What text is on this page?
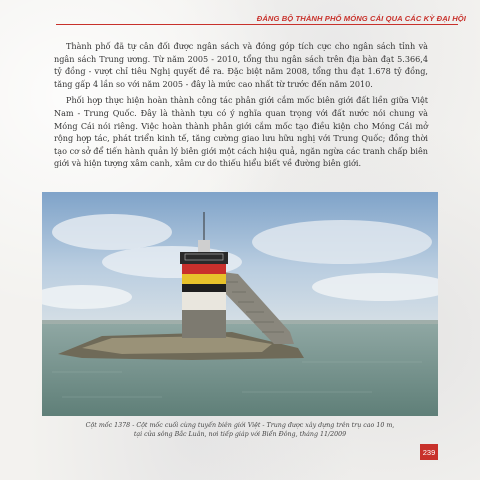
ĐẢNG BỘ THÀNH PHỐ MÓNG CÁI QUA CÁC KỲ ĐẠI HỘI

Thành phố đã tự cân đối được ngân sách và đóng góp tích cực cho ngân sách tỉnh và ngân sách Trung ương. Từ năm 2005 - 2010, tổng thu ngân sách trên địa bàn đạt 5.366,4 tỷ đồng - vượt chỉ tiêu Nghị quyết đề ra. Đặc biệt năm 2008, tổng thu đạt 1.678 tỷ đồng, tăng gấp 4 lần so với năm 2005 - đây là mức cao nhất từ trước đến năm 2010.

Phối hợp thực hiện hoàn thành công tác phân giới cắm mốc biên giới đất liền giữa Việt Nam - Trung Quốc. Đây là thành tựu có ý nghĩa quan trọng với đất nước nói chung và Móng Cái nói riêng. Việc hoàn thành phân giới cắm mốc tạo điều kiện cho Móng Cái mở rộng hợp tác, phát triển kinh tế, tăng cường giao lưu hữu nghị với Trung Quốc; đồng thời tạo cơ sở để tiến hành quản lý biên giới một cách hiệu quả, ngăn ngừa các tranh chấp biên giới và hiện tượng xâm canh, xâm cư do thiếu hiểu biết về đường biên giới.

Cột mốc 1378 - Cột mốc cuối cùng tuyến biên giới Việt - Trung được xây dựng trên trụ cao 10 m,
tại cửa sông Bắc Luân, nơi tiếp giáp với Biển Đông, tháng 11/2009
239
